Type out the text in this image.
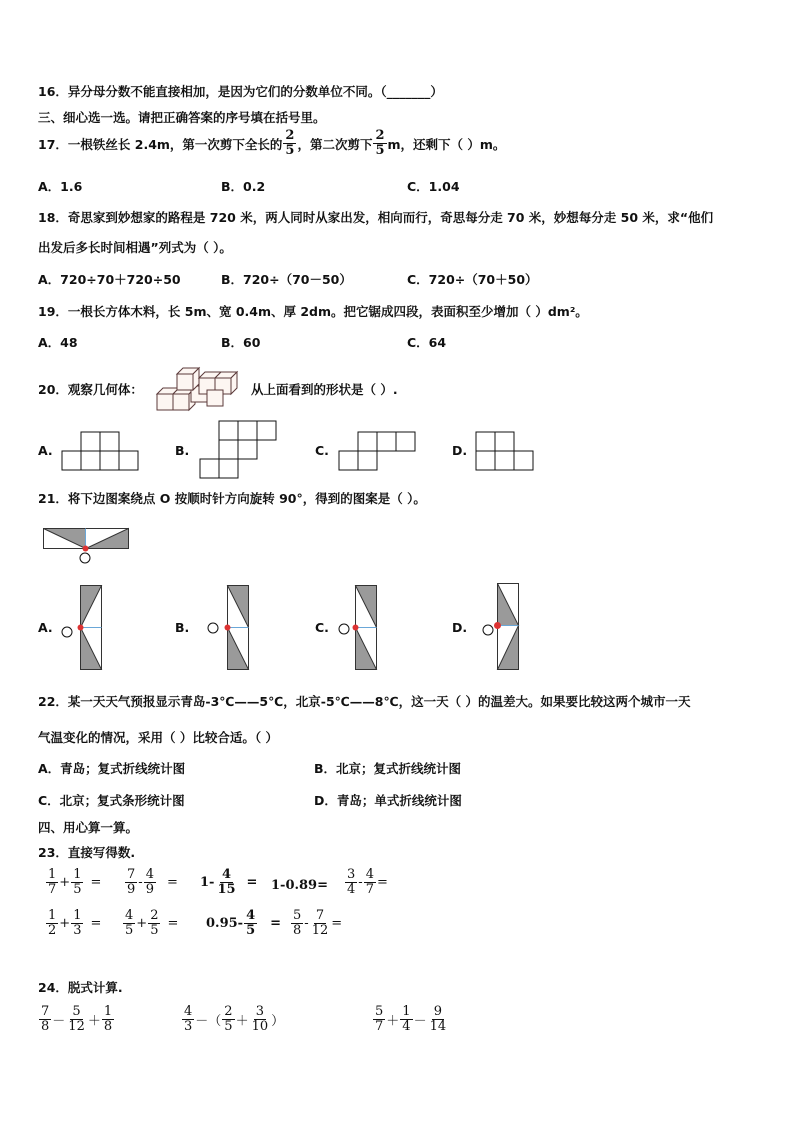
16．异分母分数不能直接相加，是因为它们的分数单位不同。（_______）
三、细心选一选。请把正确答案的序号填在括号里。
17．一根铁丝长 2.4m，第一次剪下全长的 $\frac{2}{5}$ ，第二次剪下 $\frac{2}{5}$ m，还剩下（ ）m。
A．1.6	B．0.2	C．1.04
18．奇思家到妙想家的路程是 720 米，两人同时从家出发，相向而行，奇思每分走 70 米，妙想每分走 50 米，求“他们
出发后多长时间相遇”列式为（ ）。
A．720÷70＋720÷50	B．720÷（70－50）	C．720÷（70＋50）
19．一根长方体木料，长 5m、宽 0.4m、厚 2dm。把它锯成四段，表面积至少增加（ ）dm²。
A．48	B．60	C．64
20．观察几何体：	从上面看到的形状是（ ）.
A.	B.	C.	D.
21．将下边图案绕点 O 按顺时针方向旋转 90°，得到的图案是（ ）。
A.	B.	C.	D.
22．某一天天气预报显示青岛-3℃——5℃，北京-5℃——8℃，这一天（ ）的温差大。如果要比较这两个城市一天
气温变化的情况，采用（ ）比较合适。（ ）
A．青岛；复式折线统计图	B．北京；复式折线统计图
C．北京；复式条形统计图	D．青岛；单式折线统计图
四、用心算一算。
23．直接写得数.
$\frac{1}{7} + \frac{1}{5} = \frac{7}{9} - \frac{4}{9} = 1- \frac{4}{15} = 1-0.89= \frac{3}{4} - \frac{4}{7}$ =
$\frac{1}{2} + \frac{1}{3} = \frac{4}{5} + \frac{2}{5} = 0.95- \frac{4}{5} = \frac{5}{8} - \frac{7}{12}$ =
24．脱式计算.
$\frac{7}{8} - \frac{5}{12} + \frac{1}{8}$	$\frac{4}{3}$ －（ $\frac{2}{5} + \frac{3}{10}$ ）	$\frac{5}{7} + \frac{1}{4} - \frac{9}{14}$
